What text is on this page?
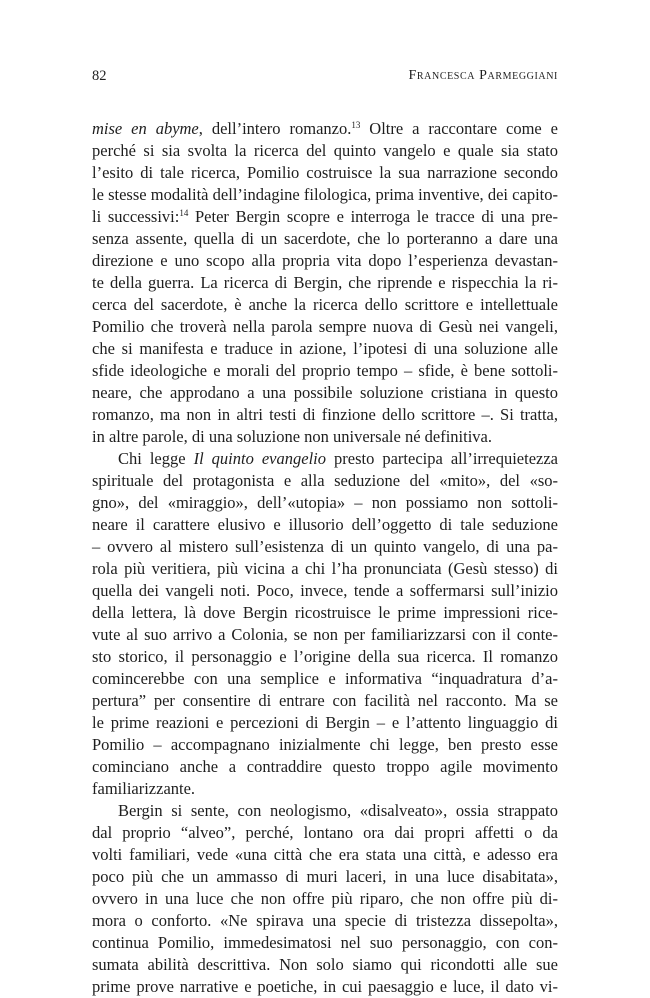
82	Francesca Parmeggiani
mise en abyme, dell’intero romanzo.$^{13}$ Oltre a raccontare come e
perché si sia svolta la ricerca del quinto vangelo e quale sia stato
l’esito di tale ricerca, Pomilio costruisce la sua narrazione secondo
le stesse modalità dell’indagine filologica, prima inventive, dei capito-
li successivi:$^{14}$ Peter Bergin scopre e interroga le tracce di una pre-
senza assente, quella di un sacerdote, che lo porteranno a dare una
direzione e uno scopo alla propria vita dopo l’esperienza devastan-
te della guerra. La ricerca di Bergin, che riprende e rispecchia la ri-
cerca del sacerdote, è anche la ricerca dello scrittore e intellettuale
Pomilio che troverà nella parola sempre nuova di Gesù nei vangeli,
che si manifesta e traduce in azione, l’ipotesi di una soluzione alle
sfide ideologiche e morali del proprio tempo – sfide, è bene sottoli-
neare, che approdano a una possibile soluzione cristiana in questo
romanzo, ma non in altri testi di finzione dello scrittore –. Si tratta,
in altre parole, di una soluzione non universale né definitiva.
Chi legge Il quinto evangelio presto partecipa all’irrequietezza
spirituale del protagonista e alla seduzione del «mito», del «so-
gno», del «miraggio», dell’«utopia» – non possiamo non sottoli-
neare il carattere elusivo e illusorio dell’oggetto di tale seduzione
– ovvero al mistero sull’esistenza di un quinto vangelo, di una pa-
rola più veritiera, più vicina a chi l’ha pronunciata (Gesù stesso) di
quella dei vangeli noti. Poco, invece, tende a soffermarsi sull’inizio
della lettera, là dove Bergin ricostruisce le prime impressioni rice-
vute al suo arrivo a Colonia, se non per familiarizzarsi con il conte-
sto storico, il personaggio e l’origine della sua ricerca. Il romanzo
comincerebbe con una semplice e informativa “inquadratura d’a-
pertura” per consentire di entrare con facilità nel racconto. Ma se
le prime reazioni e percezioni di Bergin – e l’attento linguaggio di
Pomilio – accompagnano inizialmente chi legge, ben presto esse
cominciano anche a contraddire questo troppo agile movimento
familiarizzante.
Bergin si sente, con neologismo, «disalveato», ossia strappato
dal proprio “alveo”, perché, lontano ora dai propri affetti o da
volti familiari, vede «una città che era stata una città, e adesso era
poco più che un ammasso di muri laceri, in una luce disabitata»,
ovvero in una luce che non offre più riparo, che non offre più di-
mora o conforto. «Ne spirava una specie di tristezza dissepolta»,
continua Pomilio, immedesimatosi nel suo personaggio, con con-
sumata abilità descrittiva. Non solo siamo qui ricondotti alle sue
prime prove narrative e poetiche, in cui paesaggio e luce, il dato vi-
